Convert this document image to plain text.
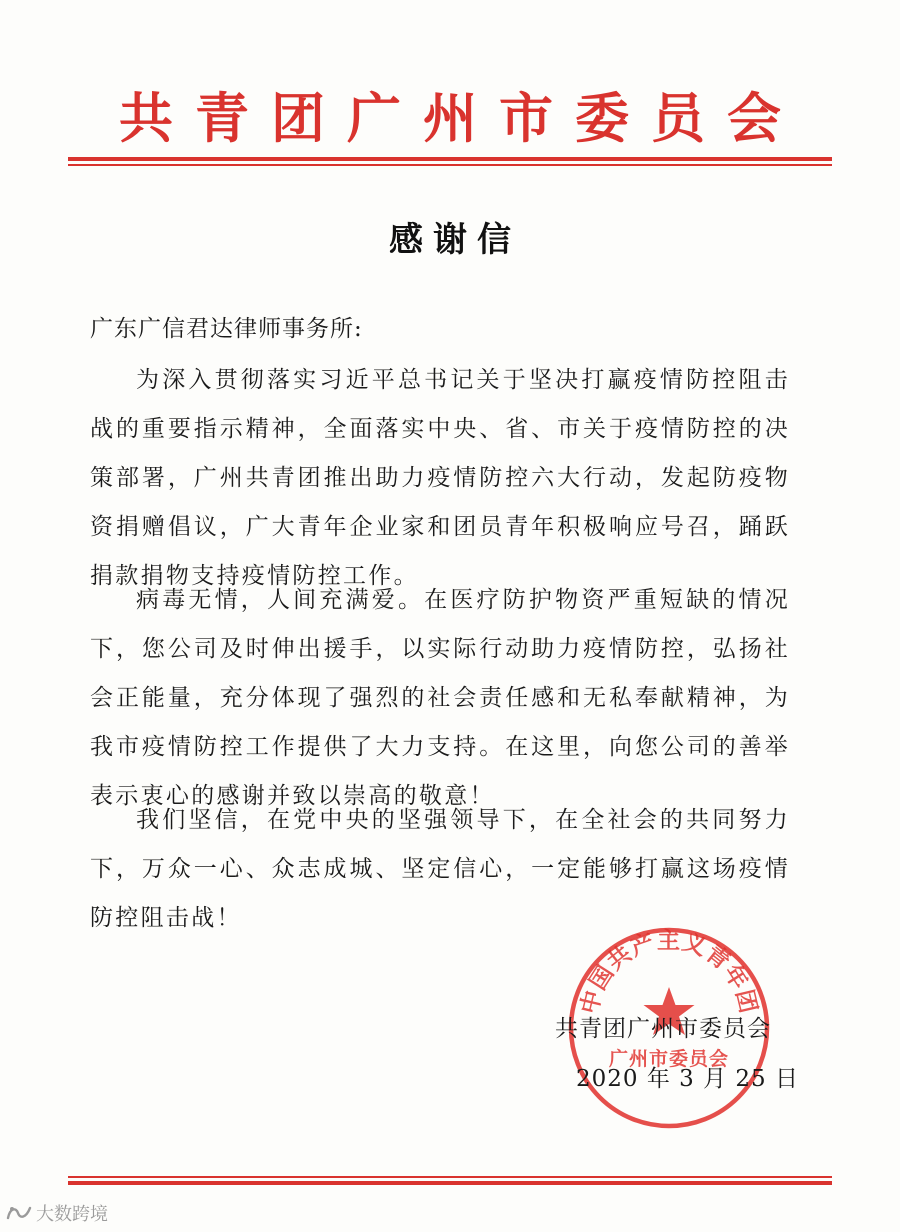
共青团广州市委员会
感谢信
广东广信君达律师事务所:

为深入贯彻落实习近平总书记关于坚决打赢疫情防控阻击战的重要指示精神，全面落实中央、省、市关于疫情防控的决策部署，广州共青团推出助力疫情防控六大行动，发起防疫物资捐赠倡议，广大青年企业家和团员青年积极响应号召，踊跃捐款捐物支持疫情防控工作。

病毒无情，人间充满爱。在医疗防护物资严重短缺的情况下，您公司及时伸出援手，以实际行动助力疫情防控，弘扬社会正能量，充分体现了强烈的社会责任感和无私奉献精神，为我市疫情防控工作提供了大力支持。在这里，向您公司的善举表示衷心的感谢并致以崇高的敬意！

我们坚信，在党中央的坚强领导下，在全社会的共同努力下，万众一心、众志成城、坚定信心，一定能够打赢这场疫情防控阻击战！

中国共产主义青年团
广州市委员会
共青团广州市委员会
2020 年 3 月 25 日
大数跨境
